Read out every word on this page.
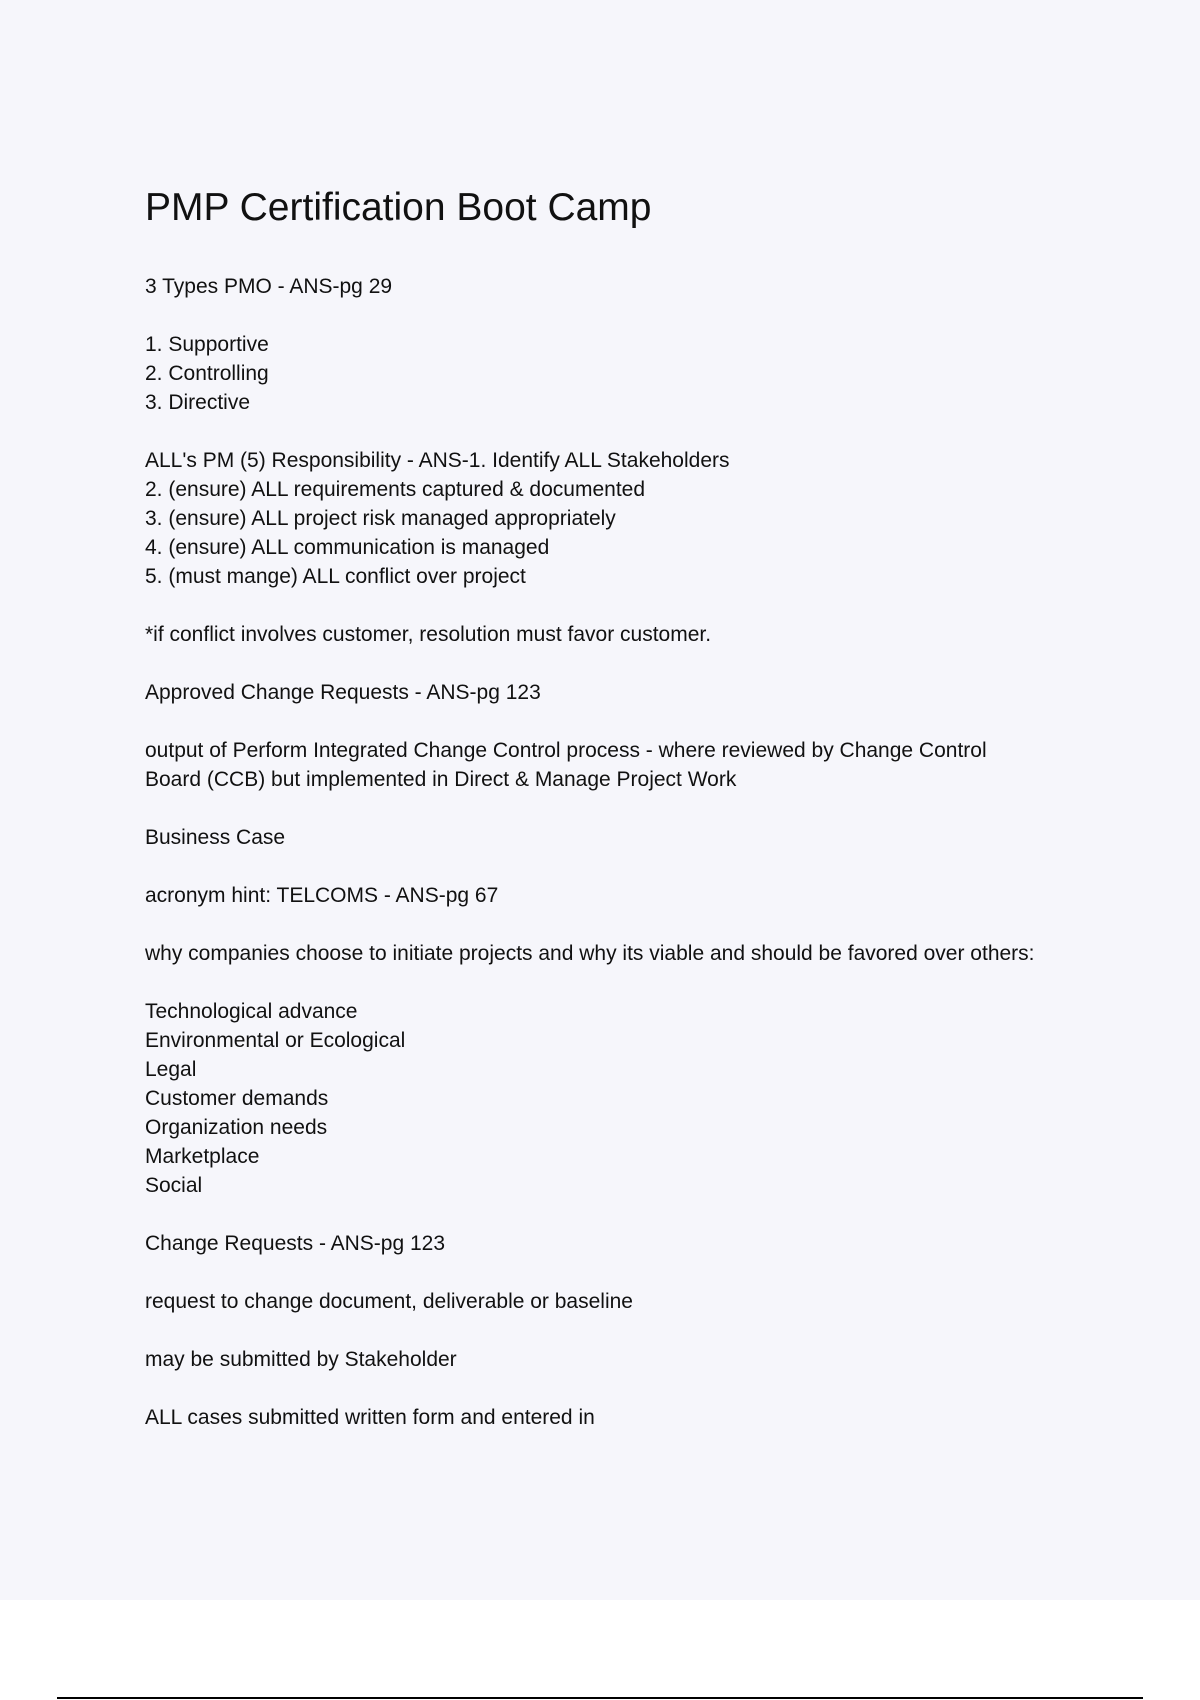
PMP Certification Boot Camp
3 Types PMO - ANS-pg 29
1. Supportive
2. Controlling
3. Directive
ALL's PM (5) Responsibility - ANS-1. Identify ALL Stakeholders
2. (ensure) ALL requirements captured & documented
3. (ensure) ALL project risk managed appropriately
4. (ensure) ALL communication is managed
5. (must mange) ALL conflict over project
*if conflict involves customer, resolution must favor customer.
Approved Change Requests - ANS-pg 123
output of Perform Integrated Change Control process - where reviewed by Change Control
Board (CCB) but implemented in Direct & Manage Project Work
Business Case
acronym hint: TELCOMS - ANS-pg 67
why companies choose to initiate projects and why its viable and should be favored over others:
Technological advance
Environmental or Ecological
Legal
Customer demands
Organization needs
Marketplace
Social
Change Requests - ANS-pg 123
request to change document, deliverable or baseline
may be submitted by Stakeholder
ALL cases submitted written form and entered in
